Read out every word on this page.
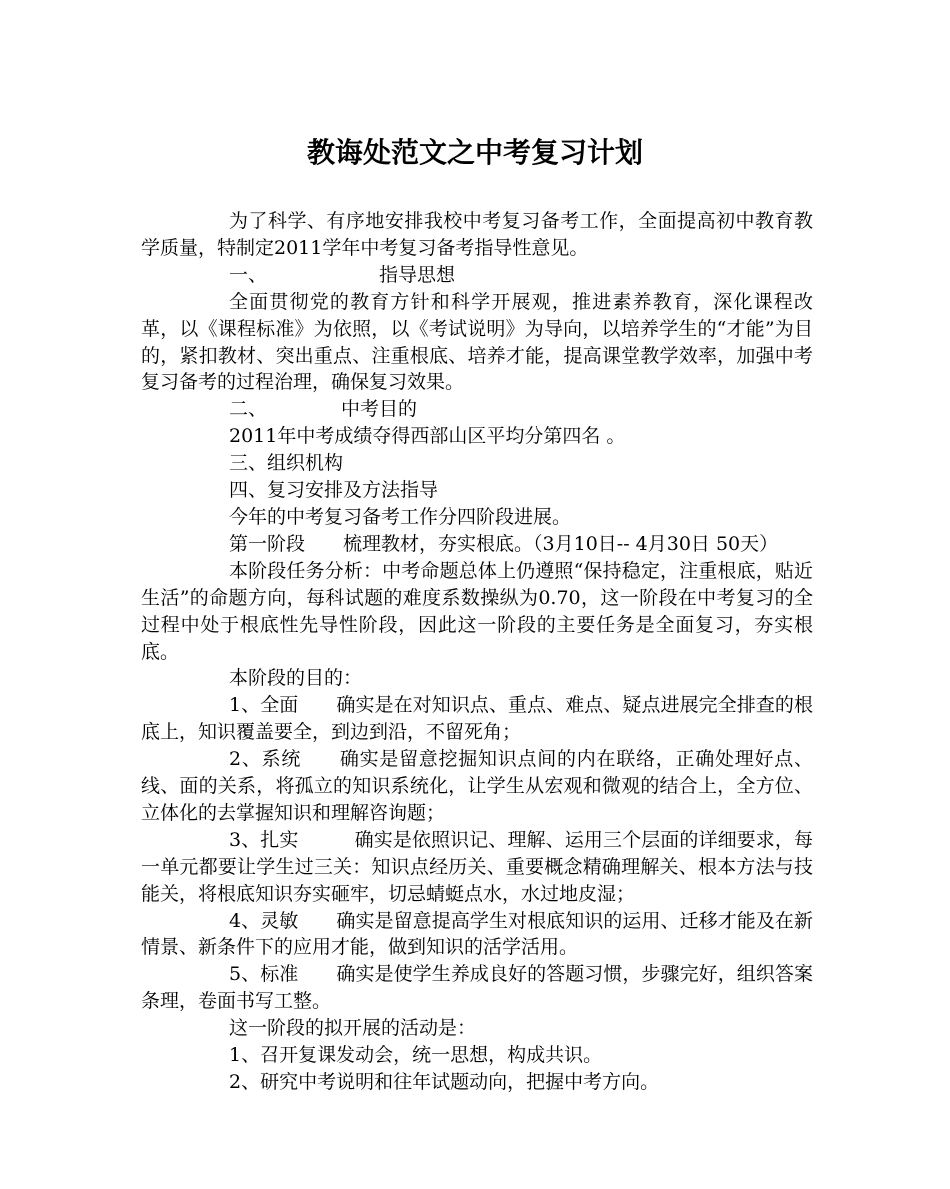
教诲处范文之中考复习计划

为了科学、有序地安排我校中考复习备考工作，全面提高初中教育教学质量，特制定2011学年中考复习备考指导性意见。

一、	指导思想

全面贯彻党的教育方针和科学开展观，推进素养教育，深化课程改革，以《课程标准》为依照，以《考试说明》为导向，以培养学生的“才能”为目的，紧扣教材、突出重点、注重根底、培养才能，提高课堂教学效率，加强中考复习备考的过程治理，确保复习效果。

二、	中考目的

2011年中考成绩夺得西部山区平均分第四名 。

三、组织机构

四、复习安排及方法指导

今年的中考复习备考工作分四阶段进展。

第一阶段 梳理教材，夯实根底。（3月10日-- 4月30日 50天）

本阶段任务分析：中考命题总体上仍遵照“保持稳定，注重根底，贴近生活”的命题方向，每科试题的难度系数操纵为0.70，这一阶段在中考复习的全过程中处于根底性先导性阶段，因此这一阶段的主要任务是全面复习，夯实根底。

本阶段的目的：

1、全面 确实是在对知识点、重点、难点、疑点进展完全排查的根底上，知识覆盖要全，到边到沿，不留死角；

2、系统 确实是留意挖掘知识点间的内在联络，正确处理好点、线、面的关系，将孤立的知识系统化，让学生从宏观和微观的结合上，全方位、立体化的去掌握知识和理解咨询题；

3、扎实	确实是依照识记、理解、运用三个层面的详细要求，每一单元都要让学生过三关：知识点经历关、重要概念精确理解关、根本方法与技能关，将根底知识夯实砸牢，切忌蜻蜓点水，水过地皮湿；

4、灵敏 确实是留意提高学生对根底知识的运用、迁移才能及在新情景、新条件下的应用才能，做到知识的活学活用。

5、标准 确实是使学生养成良好的答题习惯，步骤完好，组织答案条理，卷面书写工整。

这一阶段的拟开展的活动是：

1、召开复课发动会，统一思想，构成共识。

2、研究中考说明和往年试题动向，把握中考方向。
